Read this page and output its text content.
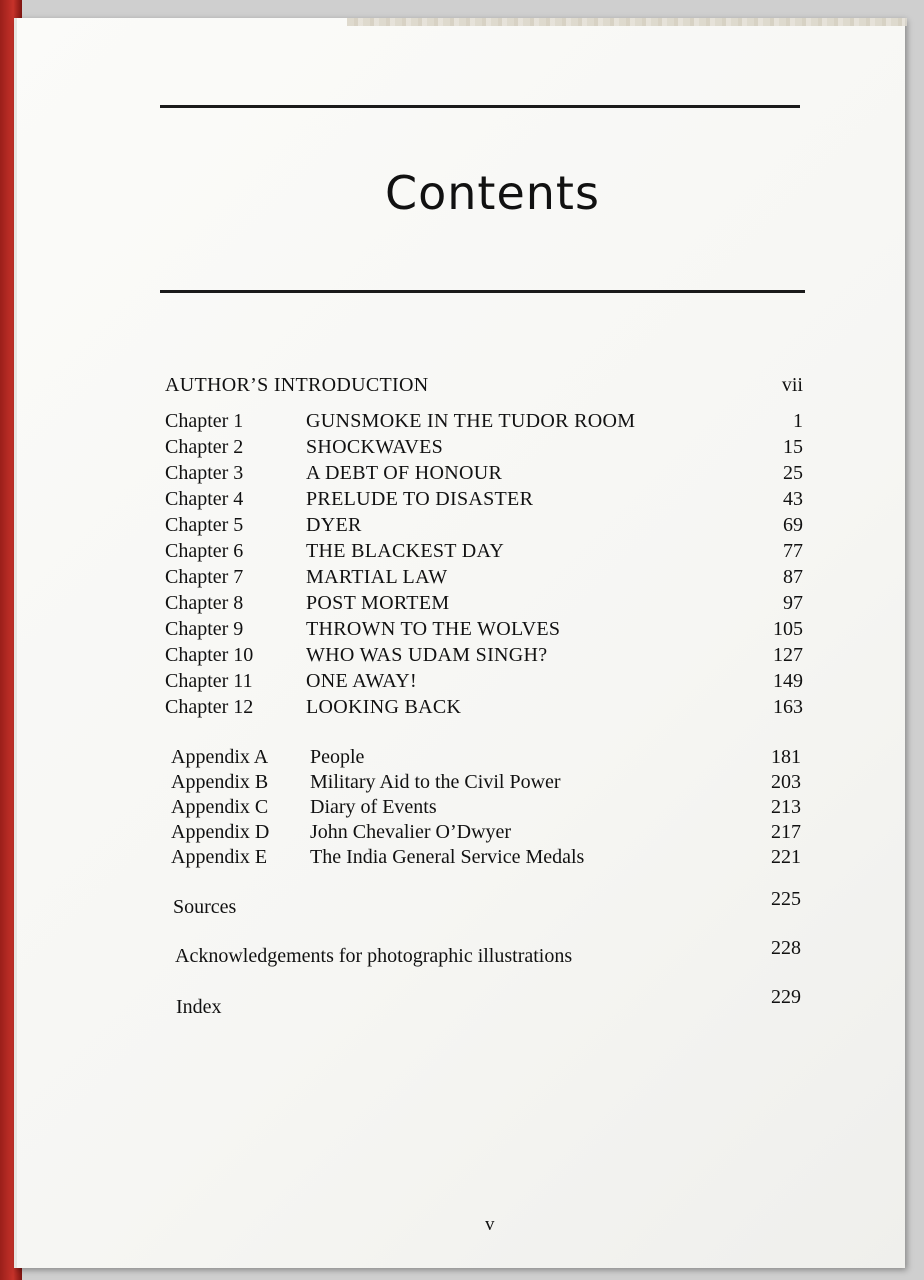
Contents
AUTHOR’S INTRODUCTION	vii
Chapter 1	GUNSMOKE IN THE TUDOR ROOM	1
Chapter 2	SHOCKWAVES	15
Chapter 3	A DEBT OF HONOUR	25
Chapter 4	PRELUDE TO DISASTER	43
Chapter 5	DYER	69
Chapter 6	THE BLACKEST DAY	77
Chapter 7	MARTIAL LAW	87
Chapter 8	POST MORTEM	97
Chapter 9	THROWN TO THE WOLVES	105
Chapter 10	WHO WAS UDAM SINGH?	127
Chapter 11	ONE AWAY!	149
Chapter 12	LOOKING BACK	163
Appendix A People	181
Appendix B Military Aid to the Civil Power	203
Appendix C Diary of Events	213
Appendix D John Chevalier O’Dwyer	217
Appendix E The India General Service Medals	221
Sources	225
Acknowledgements for photographic illustrations	228
Index	229
v
